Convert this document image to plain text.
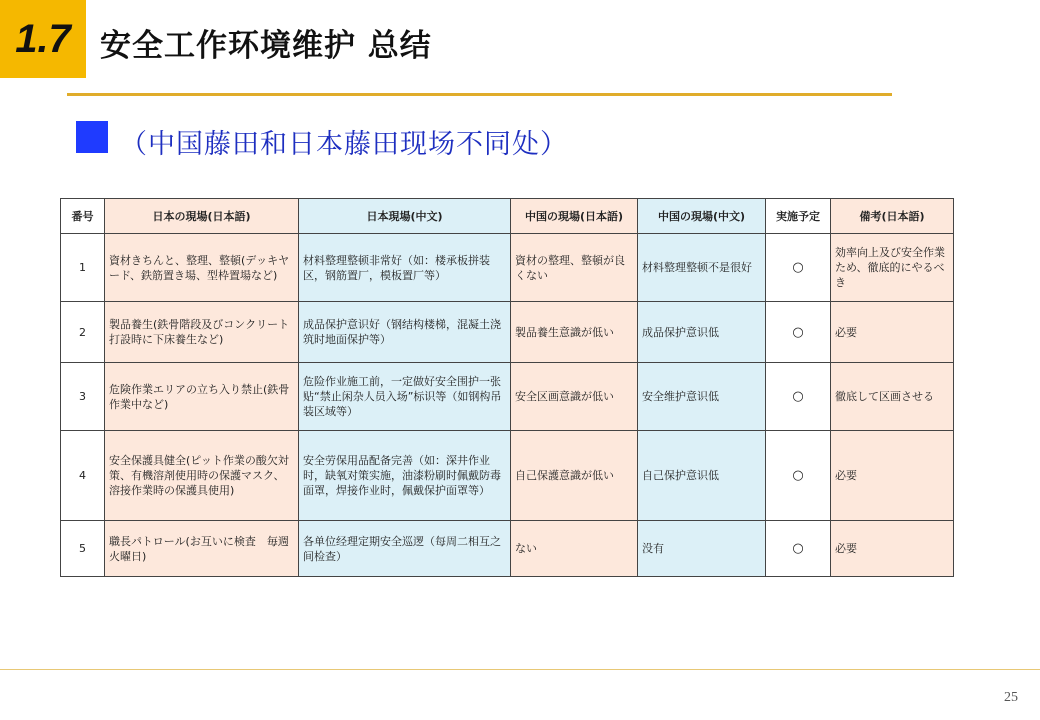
1.7 安全工作环境维护 总结
（中国藤田和日本藤田现场不同处）
番号	日本の現場(日本語)	日本現場(中文)	中国の現場(日本語)	中国の現場(中文)	実施予定	備考(日本語)
1	資材きちんと、整理、整頓(デッキヤード、鉄筋置き場、型枠置場など)	材料整理整顿非常好（如：楼承板拼装区，钢筋置厂，模板置厂等）	資材の整理、整頓が良くない	材料整理整顿不是很好	○	効率向上及び安全作業ため、徹底的にやるべき
2	製品養生(鉄骨階段及びコンクリート打設時に下床養生など)	成品保护意识好（钢结构楼梯，混凝土浇筑时地面保护等）	製品養生意識が低い	成品保护意识低	○	必要
3	危険作業エリアの立ち入り禁止(鉄骨作業中など)	危险作业施工前，一定做好安全围护一张贴“禁止闲杂人员入场”标识等（如钢构吊装区域等）	安全区画意識が低い	安全维护意识低	○	徹底して区画させる
4	安全保護具健全(ピット作業の酸欠対策、有機溶剤使用時の保護マスク、溶接作業時の保護具使用)	安全劳保用品配备完善（如：深井作业时，缺氧对策实施，油漆粉刷时佩戴防毒面罩，焊接作业时，佩戴保护面罩等）	自己保護意識が低い	自己保护意识低	○	必要
5	職長パトロール(お互いに検査　毎週火曜日)	各单位经理定期安全巡逻（每周二相互之间检查）	ない	没有	○	必要
25
